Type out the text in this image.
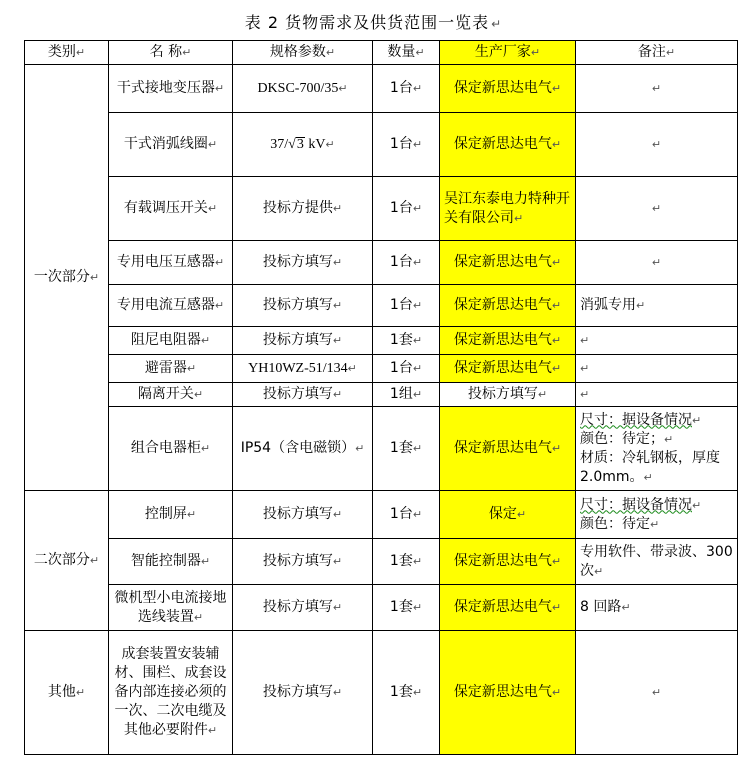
表 2 货物需求及供货范围一览表 ↵
类别↵	名 称↵	规格参数↵	数量↵	生产厂家↵	备注↵
一次部分↵	干式接地变压器↵	DKSC-700/35↵	1台↵	保定新思达电气↵	↵
	干式消弧线圈↵	37/√3 kV↵	1台↵	保定新思达电气↵	↵
	有载调压开关↵	投标方提供↵	1台↵	吴江东泰电力特种开关有限公司↵	↵
	专用电压互感器↵	投标方填写↵	1台↵	保定新思达电气↵	↵
	专用电流互感器↵	投标方填写↵	1台↵	保定新思达电气↵	消弧专用↵
	阻尼电阻器↵	投标方填写↵	1套↵	保定新思达电气↵	↵
	避雷器↵	YH10WZ-51/134↵	1台↵	保定新思达电气↵	↵
	隔离开关↵	投标方填写↵	1组↵	投标方填写↵	↵
	组合电器柜↵	IP54（含电磁锁）↵	1套↵	保定新思达电气↵	尺寸：据设备情况↵
颜色：待定；↵
材质：冷轧钢板，厚度 2.0mm。↵
二次部分↵	控制屏↵	投标方填写↵	1台↵	保定↵	尺寸：据设备情况↵
颜色：待定↵
	智能控制器↵	投标方填写↵	1套↵	保定新思达电气↵	专用软件、带录波、300 次↵
	微机型小电流接地选线装置↵	投标方填写↵	1套↵	保定新思达电气↵	8 回路↵
其他↵	成套装置安装辅材、围栏、成套设备内部连接必须的一次、二次电缆及其他必要附件↵	投标方填写↵	1套↵	保定新思达电气↵	↵
